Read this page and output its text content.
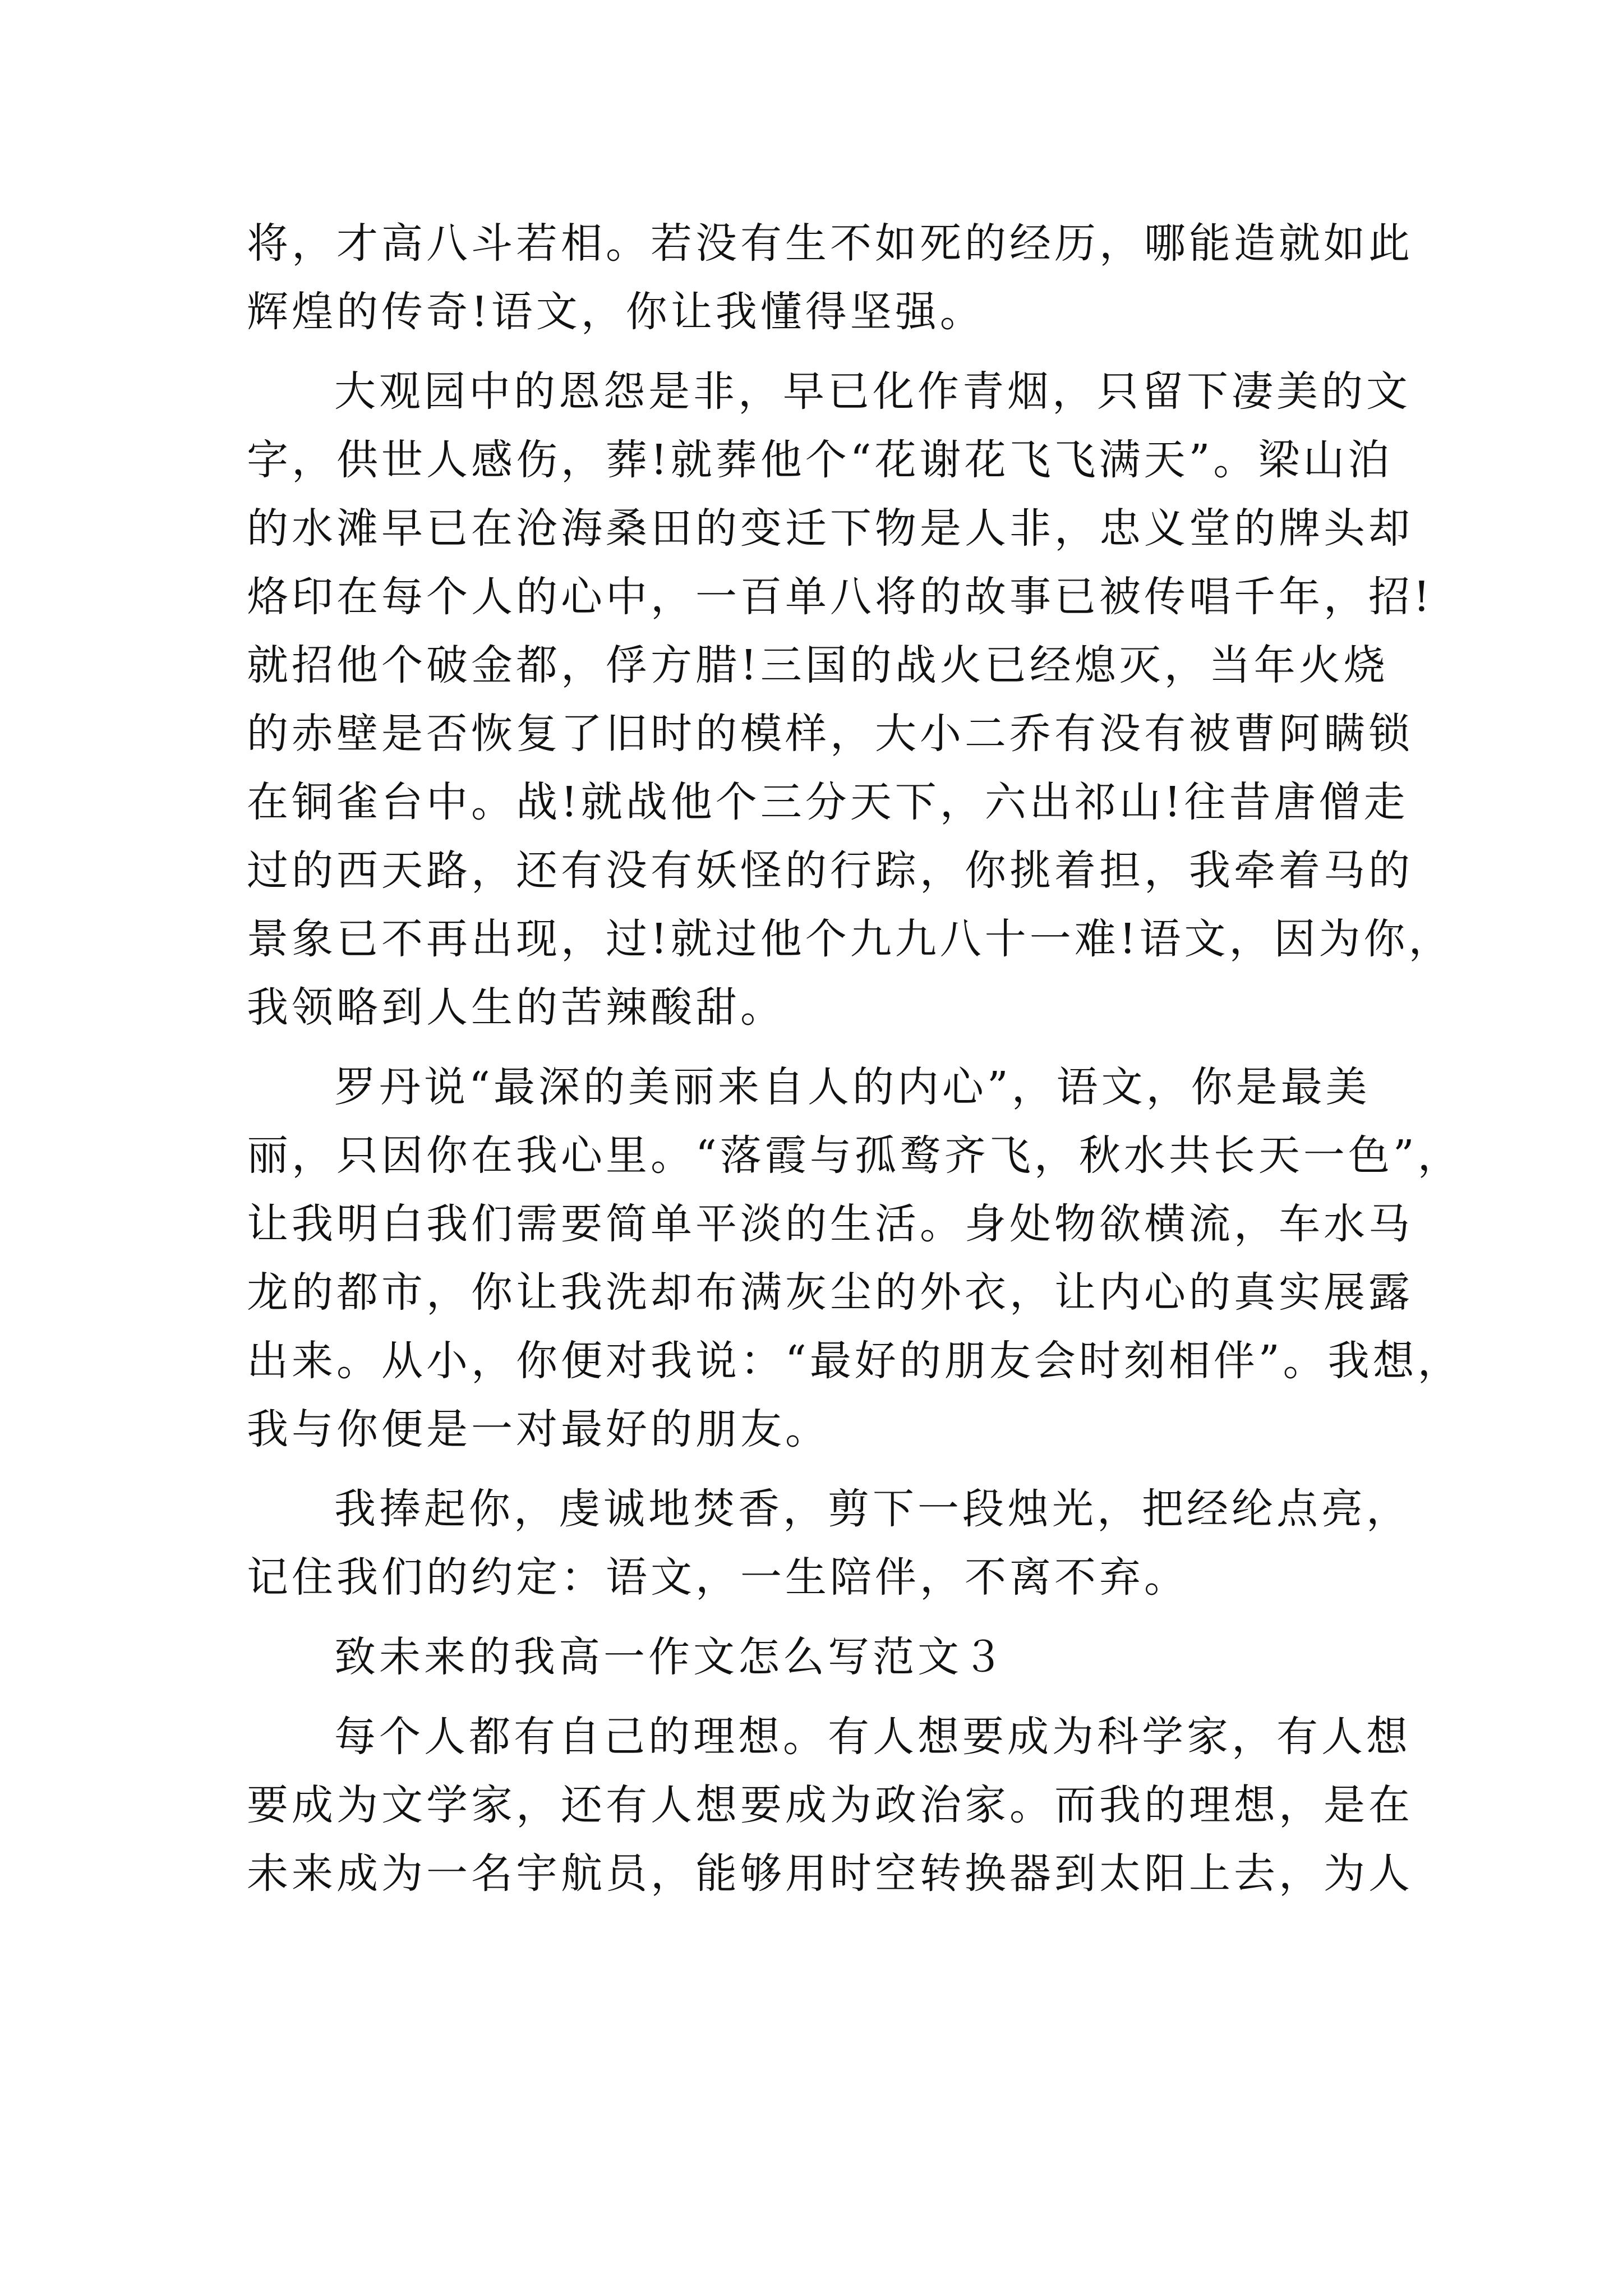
将，才高八斗若相。若没有生不如死的经历，哪能造就如此
辉煌的传奇!语文，你让我懂得坚强。
大观园中的恩怨是非，早已化作青烟，只留下凄美的文
字，供世人感伤，葬!就葬他个“花谢花飞飞满天”。梁山泊
的水滩早已在沧海桑田的变迁下物是人非，忠义堂的牌头却
烙印在每个人的心中，一百单八将的故事已被传唱千年，招!
就招他个破金都，俘方腊!三国的战火已经熄灭，当年火烧
的赤壁是否恢复了旧时的模样，大小二乔有没有被曹阿瞒锁
在铜雀台中。战!就战他个三分天下，六出祁山!往昔唐僧走
过的西天路，还有没有妖怪的行踪，你挑着担，我牵着马的
景象已不再出现，过!就过他个九九八十一难!语文，因为你，
我领略到人生的苦辣酸甜。
罗丹说“最深的美丽来自人的内心”，语文，你是最美
丽，只因你在我心里。“落霞与孤鹜齐飞，秋水共长天一色”，
让我明白我们需要简单平淡的生活。身处物欲横流，车水马
龙的都市，你让我洗却布满灰尘的外衣，让内心的真实展露
出来。从小，你便对我说：“最好的朋友会时刻相伴”。我想，
我与你便是一对最好的朋友。
我捧起你，虔诚地焚香，剪下一段烛光，把经纶点亮，
记住我们的约定：语文，一生陪伴，不离不弃。
致未来的我高一作文怎么写范文３
每个人都有自己的理想。有人想要成为科学家，有人想
要成为文学家，还有人想要成为政治家。而我的理想，是在
未来成为一名宇航员，能够用时空转换器到太阳上去，为人
